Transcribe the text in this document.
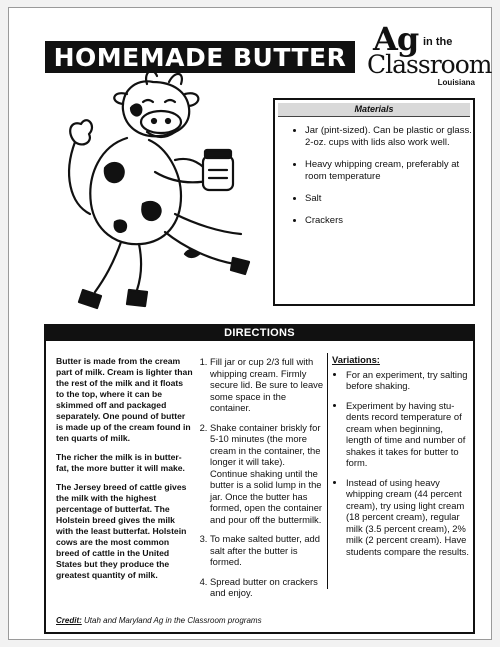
HOMEMADE BUTTER Ag in the
Classroom
Louisiana
Materials
• Jar (pint-sized). Can be plastic or glass. 2-oz. cups with lids also work well.
• Heavy whipping cream, preferably at room temperature
• Salt
• Crackers
DIRECTIONS

Butter is made from the cream part of milk. Cream is lighter than the rest of the milk and it floats to the top, where it can be skimmed off and packaged separately. One pound of butter is made up of the cream found in ten quarts of milk.

The richer the milk is in butter-fat, the more butter it will make.

The Jersey breed of cattle gives the milk with the highest percentage of butterfat. The Holstein breed gives the milk with the least butterfat. Holstein cows are the most common breed of cattle in the United States but they produce the greatest quantity of milk.

1. Fill jar or cup 2/3 full with whipping cream. Firmly secure lid. Be sure to leave some space in the container.
2. Shake container briskly for 5-10 minutes (the more cream in the container, the longer it will take). Continue shaking until the butter is a solid lump in the jar. Once the butter has formed, open the container and pour off the buttermilk.
3. To make salted butter, add salt after the butter is formed.
4. Spread butter on crackers and enjoy.
Variations:
• For an experiment, try salting before shaking.
• Experiment by having stu-dents record temperature of cream when beginning, length of time and number of shakes it takes for butter to form.
• Instead of using heavy whipping cream (44 percent cream), try using light cream (18 percent cream), regular milk (3.5 percent cream), 2% milk (2 percent cream). Have students compare the results.
Credit: Utah and Maryland Ag in the Classroom programs
